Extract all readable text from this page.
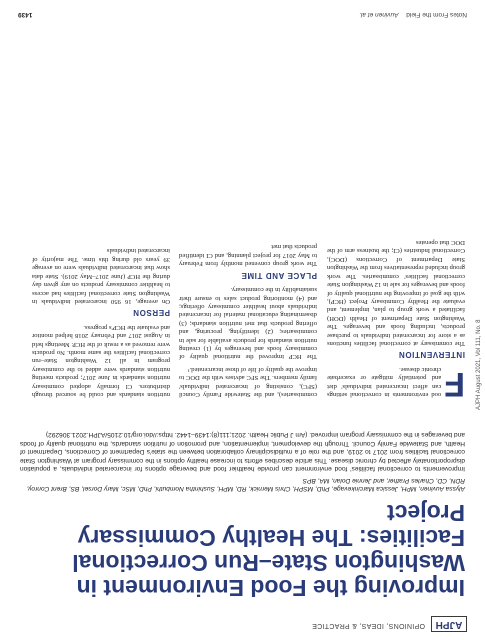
AJPH
OPINIONS, IDEAS, & PRACTICE
Improving the Food Environment in Washington State–Run Correctional Facilities: The Healthy Commissary Project
Alyssa Auvinen, MPH, Jessica Marcinkevage, PhD, MSPH, Chris Mernick, RD, MPH, Sushintha Nombuthi, PhD, MSc, Mary Dorsel, BS, Brent Conroy, RDN, CD, Charles Prather, and Jennie Dolan, MA, BPS
Improvements to correctional facilities' food environment can provide healthier food and beverage options for incarcerated individuals, a population disproportionately affected by chronic disease. This article describes efforts to increase healthy options in the commissary program at Washington State correctional facilities from 2017 to 2019, and the role of a multidisciplinary collaboration between the state's Department of Corrections, Department of Health, and Statewide Family Council. Through the development, implementation, and promotion of nutrition standards, the nutritional quality of foods and beverages in the commissary program improved. (Am J Public Health. 2021;111(8):1439–1442. https://doi.org/10.2105/AJPH.2021.306292)

F
ood environments in correctional settings can affect incarcerated individuals' diet and potentially mitigate or exacerbate chronic disease.

INTERVENTION

The commissary at correctional facilities functions as a store for incarcerated individuals to purchase products, including foods and beverages. The Washington State Department of Health (DOH) facilitated a work group to plan, implement, and evaluate the Healthy Commissary Project (HCP), with the goal of improving the nutritional quality of foods and beverages for sale in 12 Washington State correctional facilities' commissaries. The work group included representatives from the Washington State Department of Corrections (DOC), Correctional Industries (CI; the business arm of the DOC that operates

commissaries), and the Statewide Family Council (SFC), consisting of incarcerated individuals' family members. The SFC advises with the DOC to improve the quality of life of those incarcerated.¹

The HCP improved the nutritional quality of commissary foods and beverages by (1) creating nutrition standards for products available for sale in commissaries; (2) identifying, procuring, and offering products that met nutrition standards; (3) disseminating educational material for incarcerated individuals about healthier commissary offerings; and (4) monitoring product sales to ensure their sustainability in the commissary.

PLACE AND TIME

The work group convened monthly from February to May 2017 for project planning, and CI identified products that met

nutrition standards and could be sourced through distributors. CI formally adopted commissary nutrition standards in June 2017; products meeting nutrition standards were added to the commissary program in all 12 Washington State–run correctional facilities the same month. No products were removed as a result of the HCP. Meetings held in August 2017 and February 2018 helped monitor and evaluate the HCP's progress.

PERSON

On average, 16 950 incarcerated individuals in Washington State correctional facilities had access to healthier commissary products on any given day during the HCP (June 2017–May 2019). State data show that incarcerated individuals were on average 39 years old during this time. The majority of incarcerated individuals

AJPH August 2021, Vol 111, No. 8
Notes From the Field Auvinen et al.
1439
